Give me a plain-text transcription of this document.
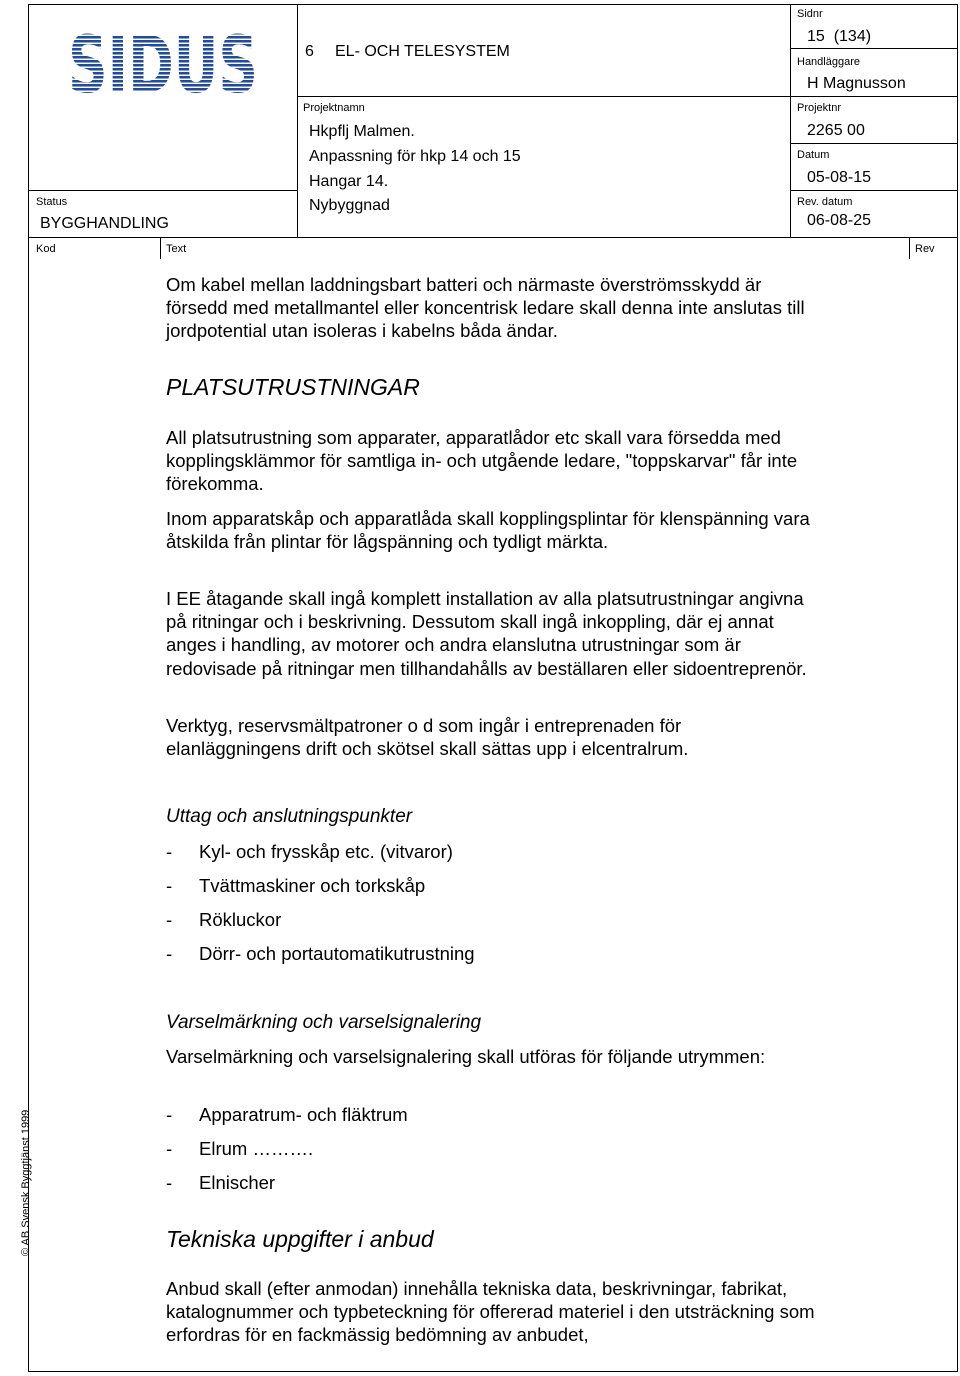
SIDUS	6 EL- OCH TELESYSTEM
Sidnr
15  (134)
Handläggare
H Magnusson
Projektnamn
Hkpflj Malmen.
Anpassning för hkp 14 och 15
Hangar 14.
Nybyggnad
Projektnr
2265 00
Datum
05-08-15
Rev. datum
06-08-25
Status
BYGGHANDLING
Kod	Text	Rev
© AB Svensk Byggtjänst 1999

Om kabel mellan laddningsbart batteri och närmaste överströmsskydd är försedd med metallmantel eller koncentrisk ledare skall denna inte anslutas till jordpotential utan isoleras i kabelns båda ändar.

PLATSUTRUSTNINGAR

All platsutrustning som apparater, apparatlådor etc skall vara försedda med kopplingsklämmor för samtliga in- och utgående ledare, "toppskarvar" får inte förekomma.

Inom apparatskåp och apparatlåda skall kopplingsplintar för klenspänning vara åtskilda från plintar för lågspänning och tydligt märkta.

I EE åtagande skall ingå komplett installation av alla platsutrustningar angivna på ritningar och i beskrivning. Dessutom skall ingå inkoppling, där ej annat anges i handling, av motorer och andra elanslutna utrustningar som är redovisade på ritningar men tillhandahålls av beställaren eller sidoentreprenör.

Verktyg, reservsmältpatroner o d som ingår i entreprenaden för elanläggningens drift och skötsel skall sättas upp i elcentralrum.

Uttag och anslutningspunkter
-	Kyl- och frysskåp etc. (vitvaror)
-	Tvättmaskiner och torkskåp
-	Rökluckor
-	Dörr- och portautomatikutrustning
Varselmärkning och varselsignalering

Varselmärkning och varselsignalering skall utföras för följande utrymmen:

-	Apparatrum- och fläktrum
-	Elrum ……….
-	Elnischer
Tekniska uppgifter i anbud

Anbud skall (efter anmodan) innehålla tekniska data, beskrivningar, fabrikat, katalognummer och typbeteckning för offererad materiel i den utsträckning som erfordras för en fackmässig bedömning av anbudet,
